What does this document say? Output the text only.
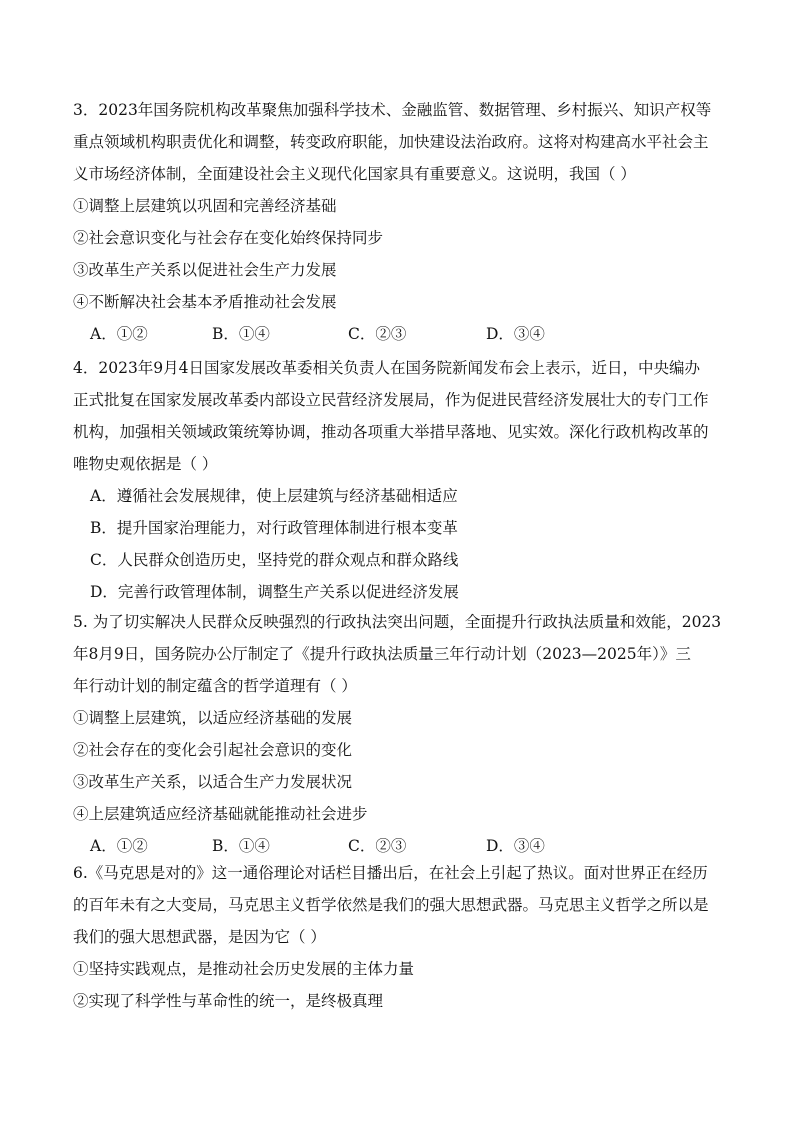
3．2023年国务院机构改革聚焦加强科学技术、金融监管、数据管理、乡村振兴、知识产权等
重点领域机构职责优化和调整，转变政府职能，加快建设法治政府。这将对构建高水平社会主
义市场经济体制，全面建设社会主义现代化国家具有重要意义。这说明，我国（ ）
①调整上层建筑以巩固和完善经济基础
②社会意识变化与社会存在变化始终保持同步
③改革生产关系以促进社会生产力发展
④不断解决社会基本矛盾推动社会发展
A．①②	B．①④	C．②③	D．③④
4．2023年9月4日国家发展改革委相关负责人在国务院新闻发布会上表示，近日，中央编办
正式批复在国家发展改革委内部设立民营经济发展局，作为促进民营经济发展壮大的专门工作
机构，加强相关领域政策统筹协调，推动各项重大举措早落地、见实效。深化行政机构改革的
唯物史观依据是（ ）
A．遵循社会发展规律，使上层建筑与经济基础相适应
B．提升国家治理能力，对行政管理体制进行根本变革
C．人民群众创造历史，坚持党的群众观点和群众路线
D．完善行政管理体制，调整生产关系以促进经济发展
5. 为了切实解决人民群众反映强烈的行政执法突出问题，全面提升行政执法质量和效能，2023
年8月9日，国务院办公厅制定了《提升行政执法质量三年行动计划（2023—2025年）》三
年行动计划的制定蕴含的哲学道理有（ ）
①调整上层建筑，以适应经济基础的发展
②社会存在的变化会引起社会意识的变化
③改革生产关系，以适合生产力发展状况
④上层建筑适应经济基础就能推动社会进步
A．①②	B．①④	C．②③	D．③④
6.《马克思是对的》这一通俗理论对话栏目播出后，在社会上引起了热议。面对世界正在经历
的百年未有之大变局，马克思主义哲学依然是我们的强大思想武器。马克思主义哲学之所以是
我们的强大思想武器，是因为它（ ）
①坚持实践观点，是推动社会历史发展的主体力量
②实现了科学性与革命性的统一，是终极真理
